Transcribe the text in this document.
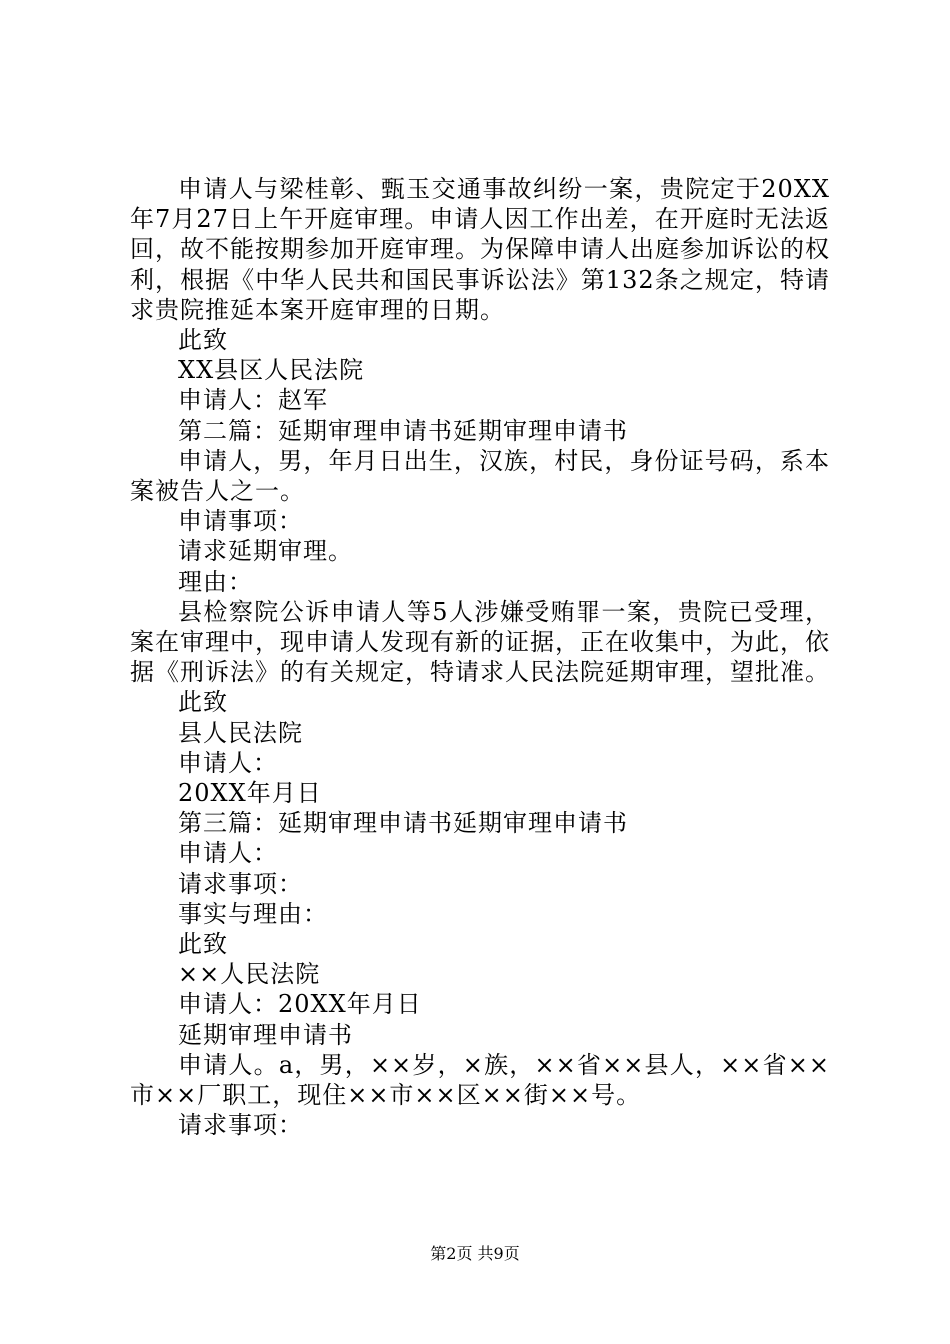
申请人与梁桂彰、甄玉交通事故纠纷一案，贵院定于20XX年7月27日上午开庭审理。申请人因工作出差，在开庭时无法返回，故不能按期参加开庭审理。为保障申请人出庭参加诉讼的权利，根据《中华人民共和国民事诉讼法》第132条之规定，特请求贵院推延本案开庭审理的日期。

此致

XX县区人民法院

申请人：赵军

第二篇：延期审理申请书延期审理申请书

申请人，男，年月日出生，汉族，村民，身份证号码，系本案被告人之一。

申请事项：

请求延期审理。

理由：

县检察院公诉申请人等5人涉嫌受贿罪一案，贵院已受理，案在审理中，现申请人发现有新的证据，正在收集中，为此，依据《刑诉法》的有关规定，特请求人民法院延期审理，望批准。

此致

县人民法院

申请人：

20XX年月日

第三篇：延期审理申请书延期审理申请书

申请人：

请求事项：

事实与理由：

此致

××人民法院

申请人：20XX年月日

延期审理申请书

申请人。a，男，××岁，×族，××省××县人，××省××市××厂职工，现住××市××区××街××号。

请求事项：

第2页 共9页
